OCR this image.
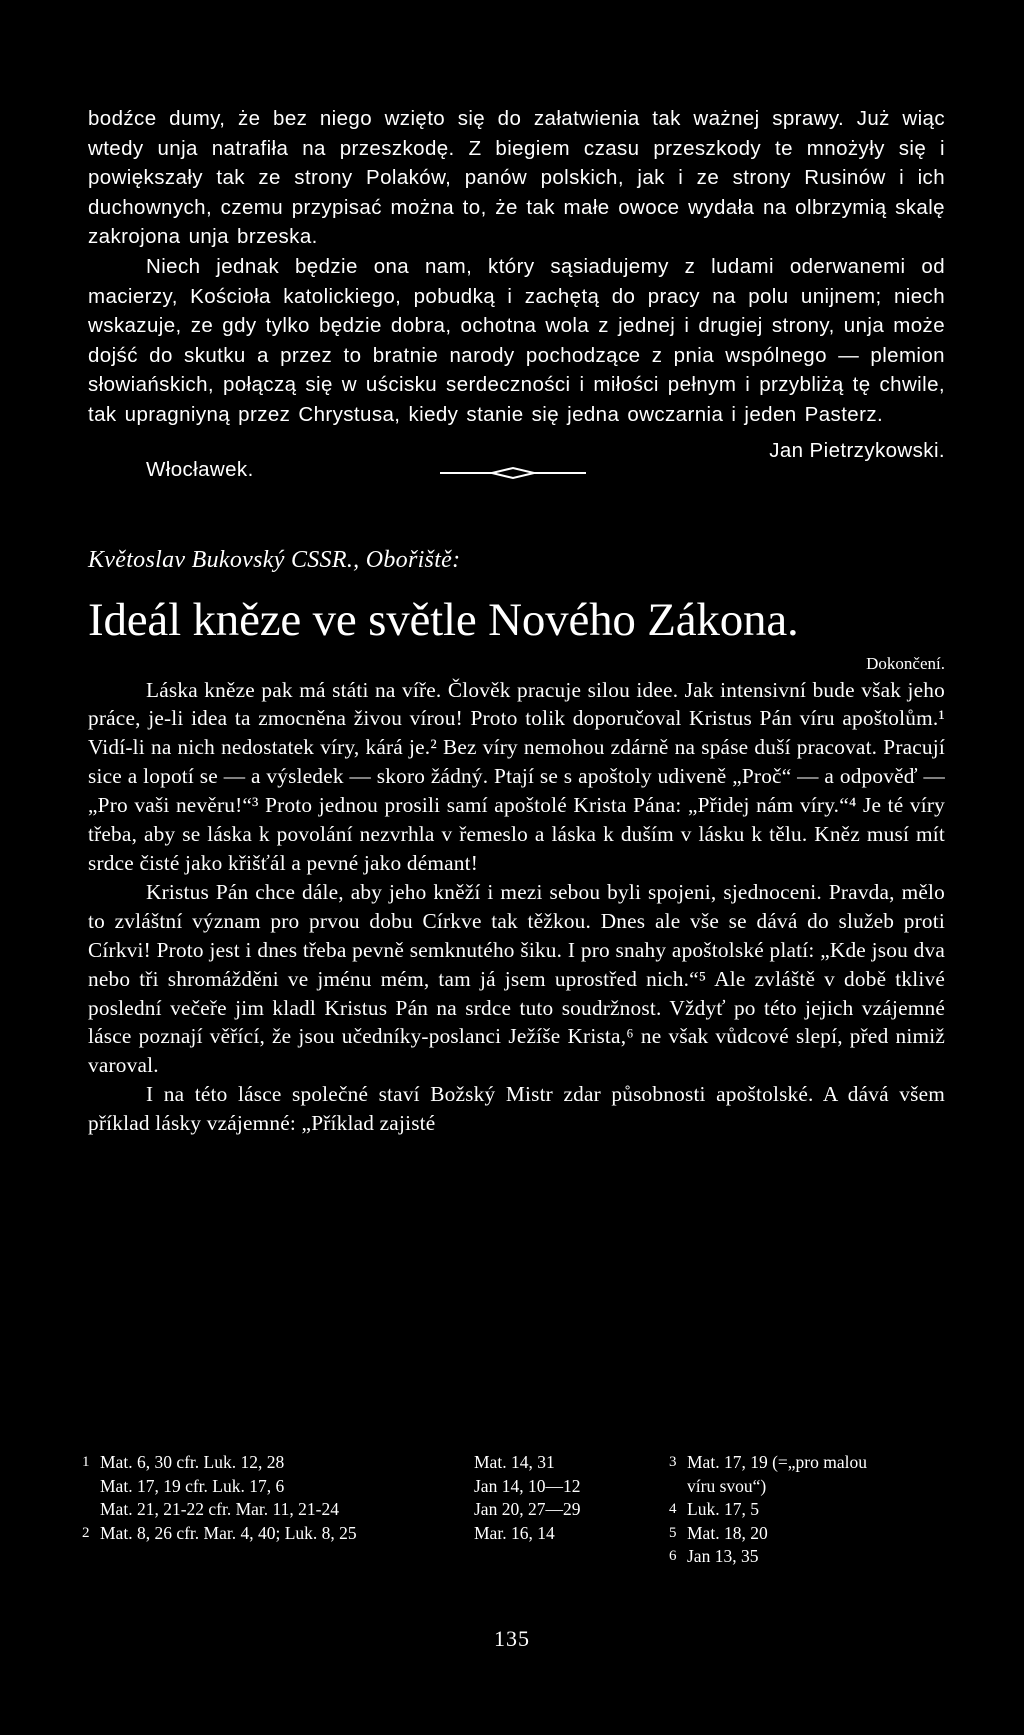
bodźce dumy, że bez niego wzięto się do załatwienia tak ważnej sprawy. Już wiąc wtedy unja natrafiła na przeszkodę. Z biegiem czasu przeszkody te mnożyły się i powiększały tak ze strony Polaków, panów polskich, jak i ze strony Rusinów i ich duchownych, czemu przypisać można to, że tak małe owoce wydała na olbrzymią skalę zakrojona unja brzeska.

Niech jednak będzie ona nam, który sąsiadujemy z ludami oderwanemi od macierzy, Kościoła katolickiego, pobudką i zachętą do pracy na polu unijnem; niech wskazuje, ze gdy tylko będzie dobra, ochotna wola z jednej i drugiej strony, unja może dojść do skutku a przez to bratnie narody pochodzące z pnia wspólnego — plemion słowiańskich, połączą się w uścisku serdeczności i miłości pełnym i przybliżą tę chwile, tak upragniyną przez Chrystusa, kiedy stanie się jedna owczarnia i jeden Pasterz.

Włocławek.
Jan Pietrzykowski.
Květoslav Bukovský CSSR., Obořiště:
Ideál kněze ve světle Nového Zákona.
Dokončení.

Láska kněze pak má státi na víře. Člověk pracuje silou idee. Jak intensivní bude však jeho práce, je-li idea ta zmocněna živou vírou! Proto tolik doporučoval Kristus Pán víru apoštolům.¹ Vidí-li na nich nedostatek víry, kárá je.² Bez víry nemohou zdárně na spáse duší pracovat. Pracují sice a lopotí se — a výsledek — skoro žádný. Ptají se s apoštoly udiveně „Proč“ — a odpověď — „Pro vaši nevěru!“³ Proto jednou prosili samí apoštolé Krista Pána: „Přidej nám víry.“⁴ Je té víry třeba, aby se láska k povolání nezvrhla v řemeslo a láska k duším v lásku k tělu. Kněz musí mít srdce čisté jako křišťál a pevné jako démant!

Kristus Pán chce dále, aby jeho kněží i mezi sebou byli spojeni, sjednoceni. Pravda, mělo to zvláštní význam pro prvou dobu Církve tak těžkou. Dnes ale vše se dává do služeb proti Církvi! Proto jest i dnes třeba pevně semknutého šiku. I pro snahy apoštolské platí: „Kde jsou dva nebo tři shromážděni ve jménu mém, tam já jsem uprostřed nich.“⁵ Ale zvláště v době tklivé poslední večeře jim kladl Kristus Pán na srdce tuto soudržnost. Vždyť po této jejich vzájemné lásce poznají věřící, že jsou učedníky-poslanci Ježíše Krista,⁶ ne však vůdcové slepí, před nimiž varoval.

I na této lásce společné staví Božský Mistr zdar působnosti apoštolské. A dává všem příklad lásky vzájemné: „Příklad zajisté

1 Mat. 6, 30 cfr. Luk. 12, 28
Mat. 17, 19 cfr. Luk. 17, 6
Mat. 21, 21-22 cfr. Mar. 11, 21-24
2 Mat. 8, 26 cfr. Mar. 4, 40; Luk. 8, 25
Mat. 14, 31
Jan 14, 10—12
Jan 20, 27—29
Mar. 16, 14
3 Mat. 17, 19 (=„pro malou
víru svou“)
4 Luk. 17, 5
5 Mat. 18, 20
6 Jan 13, 35
135
